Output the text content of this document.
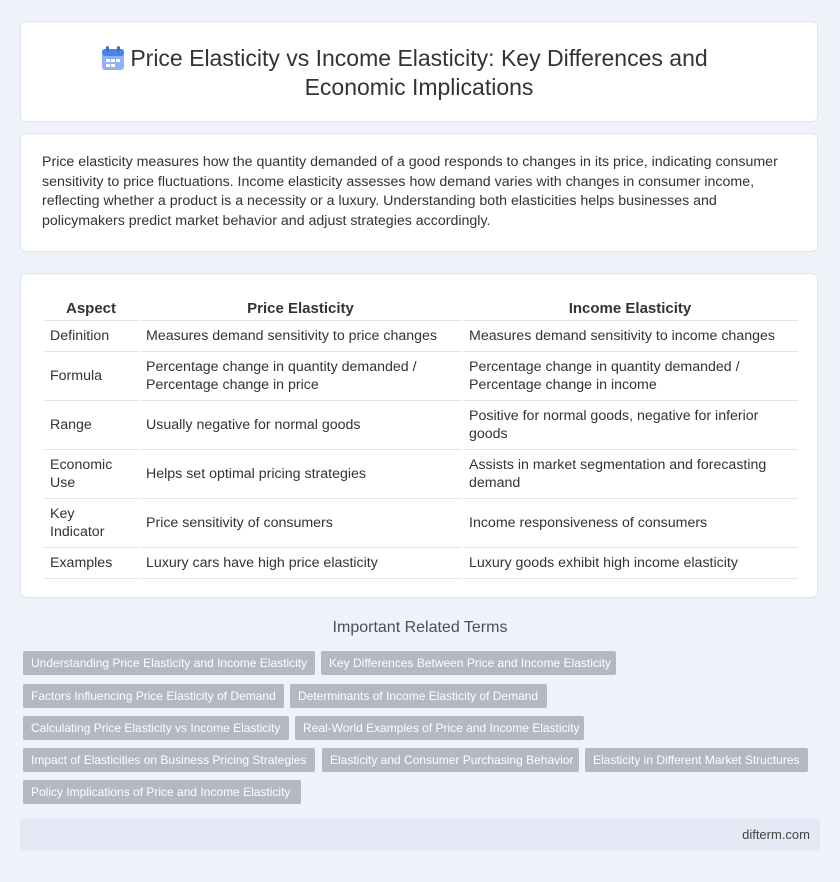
Price Elasticity vs Income Elasticity: Key Differences and Economic Implications

Price elasticity measures how the quantity demanded of a good responds to changes in its price, indicating consumer sensitivity to price fluctuations. Income elasticity assesses how demand varies with changes in consumer income, reflecting whether a product is a necessity or a luxury. Understanding both elasticities helps businesses and policymakers predict market behavior and adjust strategies accordingly.

Aspect	Price Elasticity	Income Elasticity
Definition	Measures demand sensitivity to price changes	Measures demand sensitivity to income changes
Formula	Percentage change in quantity demanded / Percentage change in price	Percentage change in quantity demanded / Percentage change in income
Range	Usually negative for normal goods	Positive for normal goods, negative for inferior goods
Economic Use	Helps set optimal pricing strategies	Assists in market segmentation and forecasting demand
Key Indicator	Price sensitivity of consumers	Income responsiveness of consumers
Examples	Luxury cars have high price elasticity	Luxury goods exhibit high income elasticity
Important Related Terms
Understanding Price Elasticity and Income Elasticity	Key Differences Between Price and Income Elasticity
Factors Influencing Price Elasticity of Demand	Determinants of Income Elasticity of Demand
Calculating Price Elasticity vs Income Elasticity	Real-World Examples of Price and Income Elasticity
Impact of Elasticities on Business Pricing Strategies	Elasticity and Consumer Purchasing Behavior	Elasticity in Different Market Structures
Policy Implications of Price and Income Elasticity
difterm.com
